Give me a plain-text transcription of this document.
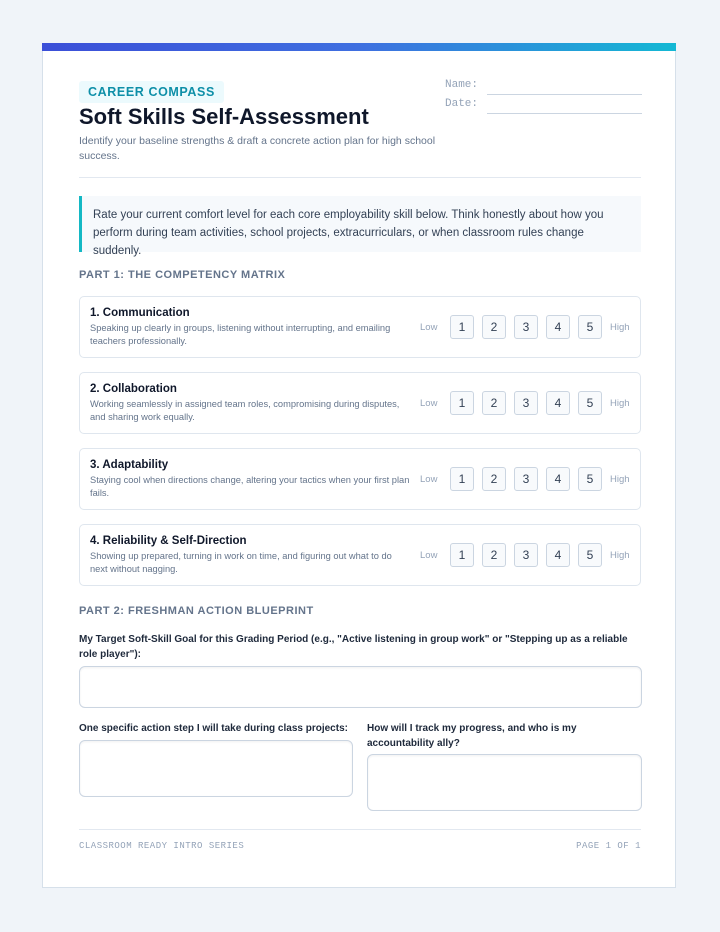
CAREER COMPASS
Soft Skills Self-Assessment
Identify your baseline strengths & draft a concrete action plan for high school success.
Name:
Date:
Rate your current comfort level for each core employability skill below. Think honestly about how you perform during team activities, school projects, extracurriculars, or when classroom rules change suddenly.
PART 1: THE COMPETENCY MATRIX
1. Communication
Speaking up clearly in groups, listening without interrupting, and emailing teachers professionally.
Low	1	2	3	4	5	High
2. Collaboration
Working seamlessly in assigned team roles, compromising during disputes, and sharing work equally.
Low	1	2	3	4	5	High
3. Adaptability
Staying cool when directions change, altering your tactics when your first plan fails.
Low	1	2	3	4	5	High
4. Reliability & Self-Direction
Showing up prepared, turning in work on time, and figuring out what to do next without nagging.
Low	1	2	3	4	5	High
PART 2: FRESHMAN ACTION BLUEPRINT
My Target Soft-Skill Goal for this Grading Period (e.g., "Active listening in group work" or "Stepping up as a reliable role player"):
One specific action step I will take during class projects:	How will I track my progress, and who is my accountability ally?
CLASSROOM READY INTRO SERIES	PAGE 1 OF 1
